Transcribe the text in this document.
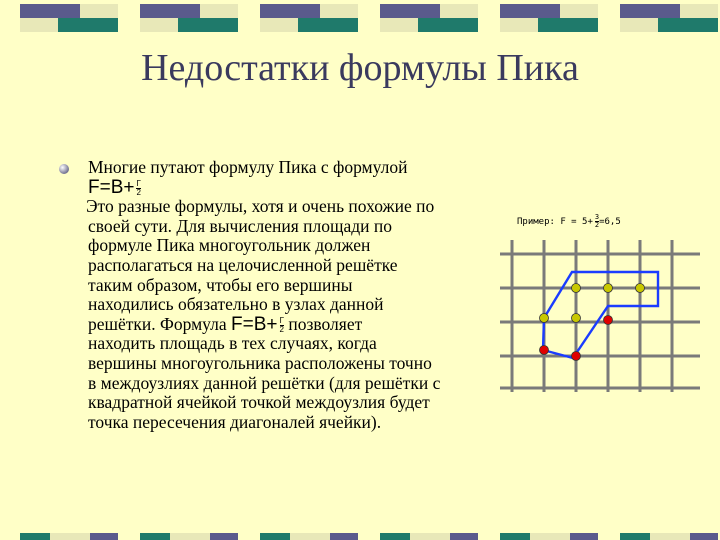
Недостатки формулы Пика
Многие путают формулу Пика с формулой
$F=B+ \frac{Г}{2}$
Это разные формулы, хотя и очень похожие по
своей сути. Для вычисления площади по
формуле Пика многоугольник должен
располагаться на целочисленной решётке
таким образом, чтобы его вершины
находились обязательно в узлах данной
решётки. Формула $F=B+ \frac{Г}{2}$ позволяет
находить площадь в тех случаях, когда
вершины многоугольника расположены точно
в междоузлиях данной решётки (для решётки с
квадратной ячейкой точкой междоузлия будет
точка пересечения диагоналей ячейки).
Пример: $F = 5+ \frac{3}{2} =6,5$
